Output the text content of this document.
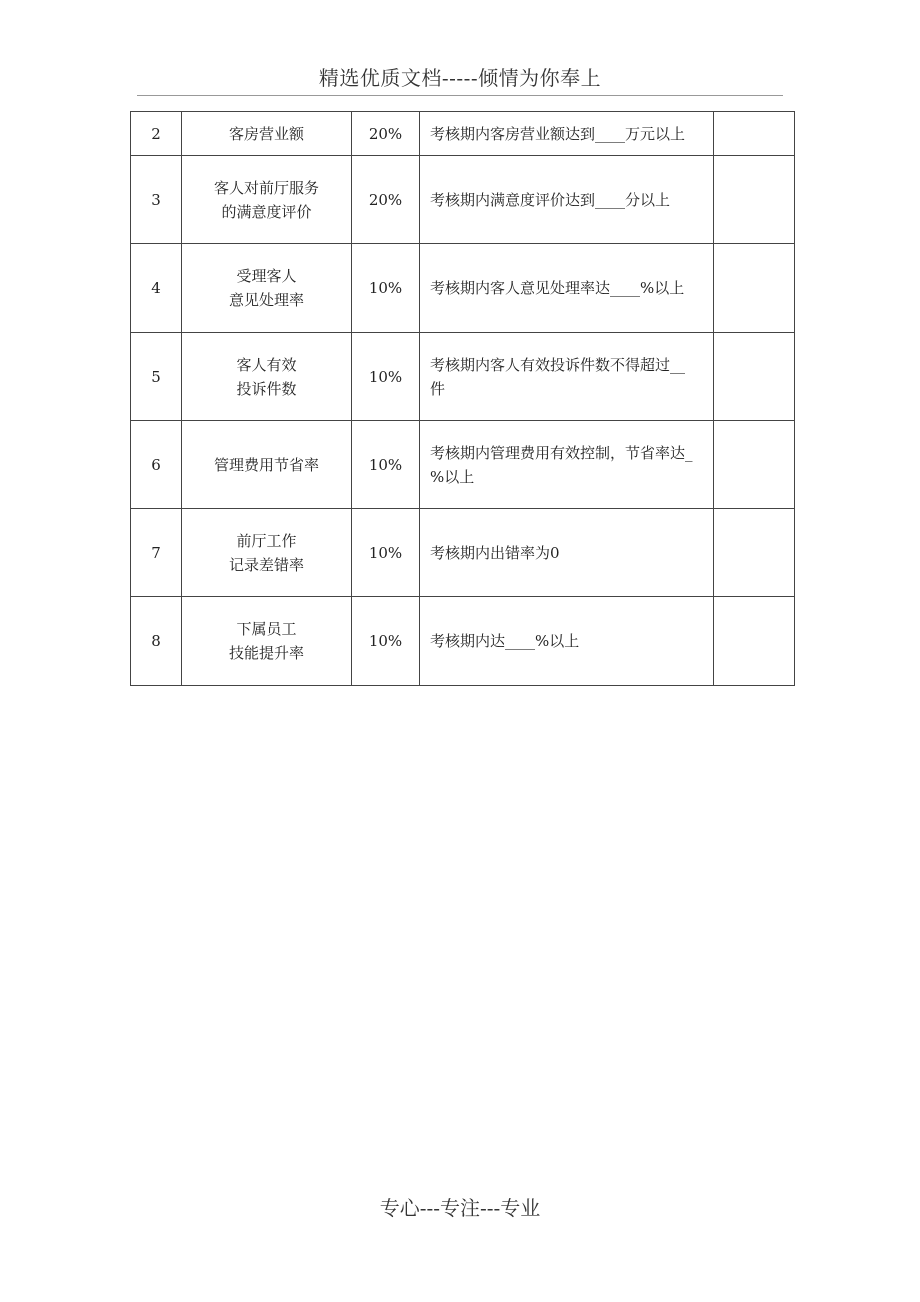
精选优质文档-----倾情为你奉上
2	客房营业额	20%	考核期内客房营业额达到____万元以上	

3	客人对前厅服务
的满意度评价	20%	考核期内满意度评价达到____分以上	

4	受理客人
意见处理率	10%	考核期内客人意见处理率达____%以上	

5	客人有效
投诉件数	10%	考核期内客人有效投诉件数不得超过__
件	

6	管理费用节省率	10%	考核期内管理费用有效控制，节省率达_
%以上	

7	前厅工作
记录差错率	10%	考核期内出错率为0	

8	下属员工
技能提升率	10%	考核期内达____%以上	

专心---专注---专业
